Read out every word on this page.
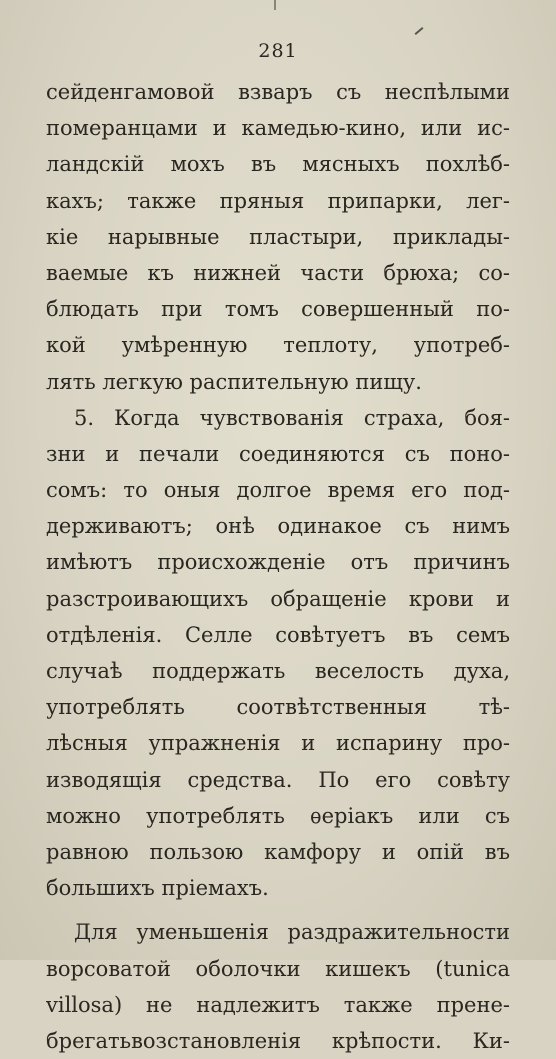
281
сейденгамовой взваръ съ неспѣлыми
померанцами и камедью-кино, или ис-
ландскій мохъ въ мясныхъ похлѣб-
кахъ; также пряныя припарки, лег-
кіе нарывные пластыри, приклады-
ваемые къ нижней части брюха; со-
блюдать при томъ совершенный по-
кой умѣренную теплоту, употреб-
лять легкую распительную пищу.
5. Когда чувствованія страха, боя-
зни и печали соединяются съ поно-
сомъ: то оныя долгое время его под-
держиваютъ; онѣ одинакое съ нимъ
имѣютъ происхожденіе отъ причинъ
разстроивающихъ обращеніе крови и
отдѣленія. Селле совѣтуетъ въ семъ
случаѣ поддержать веселость духа,
употреблять соотвѣтственныя тѣ-
лѣсныя упражненія и испарину про-
изводящія средства. По его совѣту
можно употреблять ѳеріакъ или съ
равною пользою камфору и опій въ
большихъ пріемахъ.
Для уменьшенія раздражительности
ворсоватой оболочки кишекъ (tunica
villosa) не надлежитъ также прене-
брегатьвозстановленія крѣпости. Ки-
